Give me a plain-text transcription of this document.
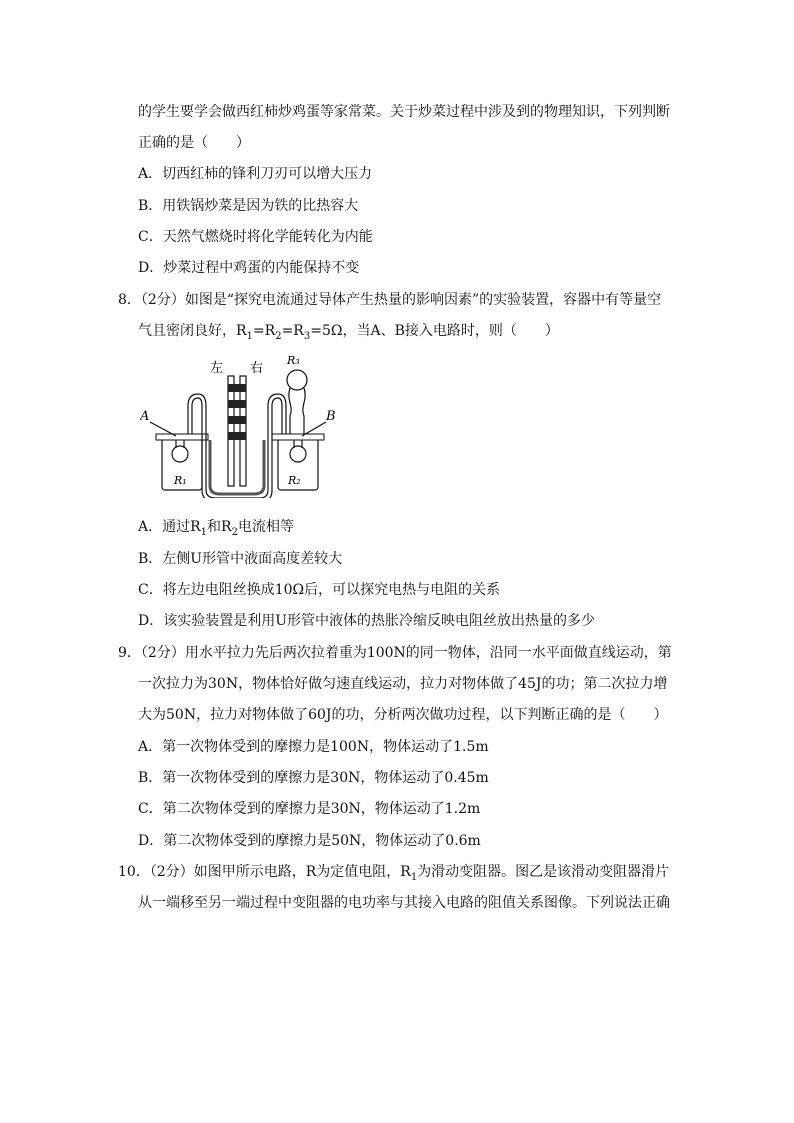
的学生要学会做西红柿炒鸡蛋等家常菜。关于炒菜过程中涉及到的物理知识，下列判断
正确的是（　　）
A．切西红柿的锋利刀刃可以增大压力
B．用铁锅炒菜是因为铁的比热容大
C．天然气燃烧时将化学能转化为内能
D．炒菜过程中鸡蛋的内能保持不变
8．（2分）如图是“探究电流通过导体产生热量的影响因素”的实验装置，容器中有等量空
气且密闭良好，$R_1=R_2=R_3=5\Omega$，当A、B接入电路时，则（　　）
左 右
R₃
A	B
R₁	R₂
A．通过$R_1$和$R_2$电流相等
B．左侧U形管中液面高度差较大
C．将左边电阻丝换成10Ω后，可以探究电热与电阻的关系
D．该实验装置是利用U形管中液体的热胀冷缩反映电阻丝放出热量的多少
9．（2分）用水平拉力先后两次拉着重为100N的同一物体，沿同一水平面做直线运动，第
一次拉力为30N，物体恰好做匀速直线运动，拉力对物体做了45J的功；第二次拉力增
大为50N，拉力对物体做了60J的功，分析两次做功过程，以下判断正确的是（　　）
A．第一次物体受到的摩擦力是100N，物体运动了1.5m
B．第一次物体受到的摩擦力是30N，物体运动了0.45m
C．第二次物体受到的摩擦力是30N，物体运动了1.2m
D．第二次物体受到的摩擦力是50N，物体运动了0.6m
10．（2分）如图甲所示电路，R为定值电阻，$R_1$为滑动变阻器。图乙是该滑动变阻器滑片
从一端移至另一端过程中变阻器的电功率与其接入电路的阻值关系图像。下列说法正确
